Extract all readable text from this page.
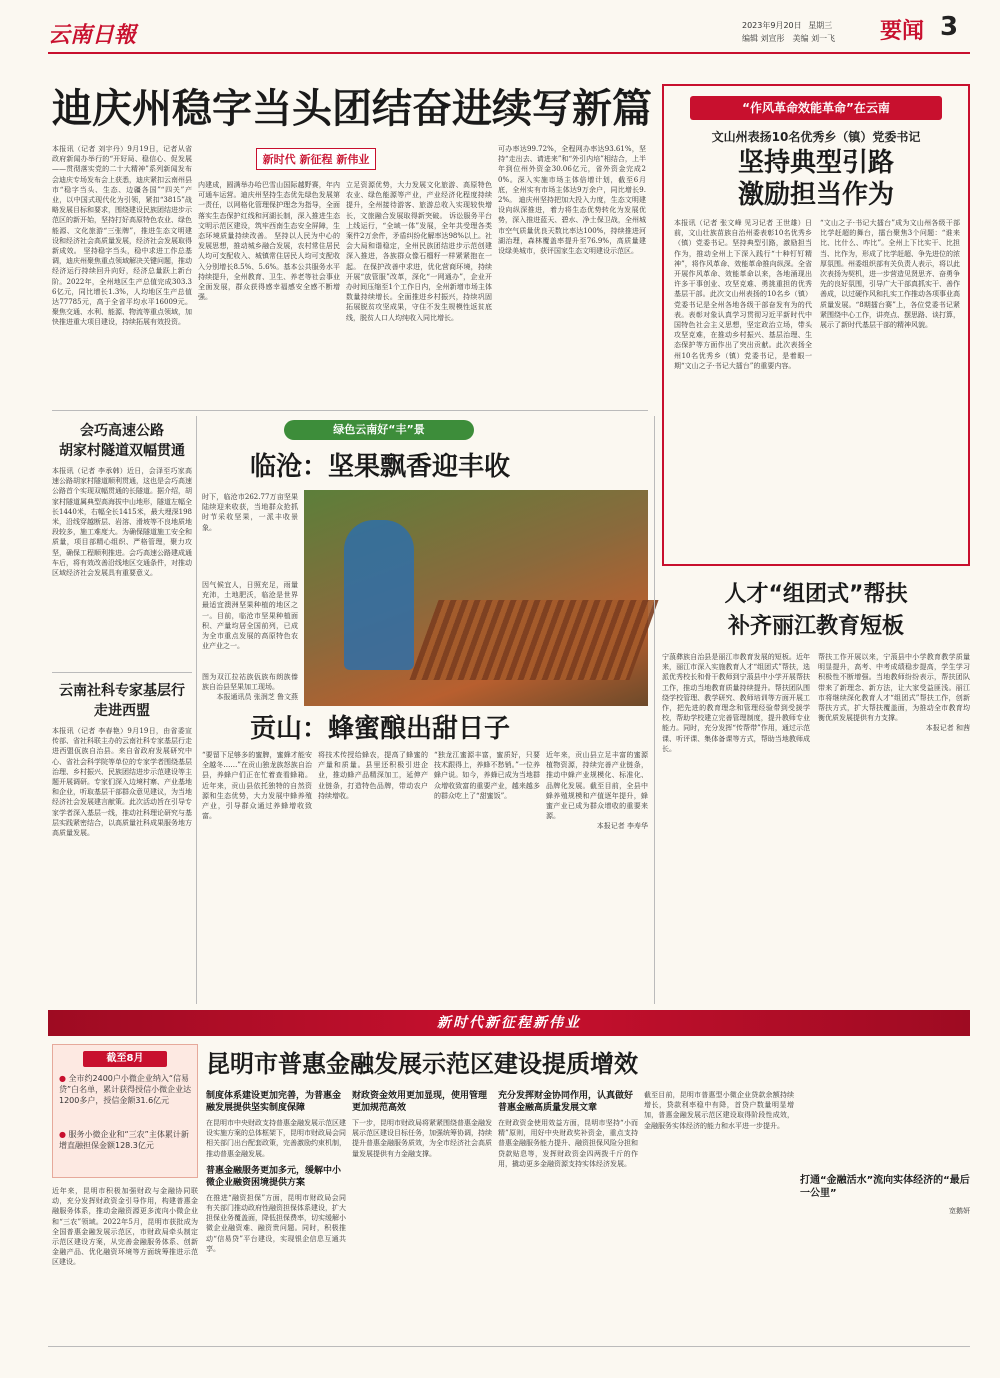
云南日報	2023年9月20日 星期三
编辑 刘宣彤　美编 刘一飞	要闻 3
迪庆州稳字当头团结奋进续写新篇
新时代 新征程 新伟业
本报讯（记者 刘宇丹）9月19日，记者从省政府新闻办举行的“开好局、稳信心、促发展——贯彻落实党的二十大精神”系列新闻发布会迪庆专场发布会上获悉，迪庆紧扣云南州县市“稳字当头、生态、边疆各国”“四关”产业，以中国式现代化为引领，紧扣“3815”战略发展目标和要求，围绕建设民族团结进步示范区的新开始，坚持打好高原特色农业、绿色能源、文化旅游“三张牌”，推进生态文明建设和经济社会高质量发展，经济社会发展取得新成效。 坚持稳字当头，稳中求进工作总基调，迪庆州聚焦重点领域解决关键问题，推动经济运行持续回升向好，经济总量跃上新台阶。2022年，全州地区生产总值完成303.36亿元，同比增长1.3%，人均地区生产总值达77785元，高于全省平均水平16009元。聚焦交通、水利、能源、物流等重点领域，加快推进重大项目建设，持续拓展有效投资。
内建成，圆满举办哈巴雪山国际越野赛，年内可通车运营。迪庆州坚持生态优先绿色发展第一责任，以网格化管理保护理念为指导，全面落实生态保护红线和河湖长制，深入推进生态文明示范区建设，筑牢西南生态安全屏障，生态环境质量持续改善。 坚持以人民为中心的发展思想，推动城乡融合发展，农村常住居民人均可支配收入、城镇常住居民人均可支配收入分别增长8.5%、5.6%。基本公共服务水平持续提升，全州教育、卫生、养老等社会事业全面发展，群众获得感幸福感安全感不断增强。
立足资源优势，大力发展文化旅游、高原特色农业、绿色能源等产业，产业经济化程度持续提升，全州接待游客、旅游总收入实现较快增长，文旅融合发展取得新突破。 诉讼服务平台上线运行，“全域一体”发展，全年共受理各类案件2万余件，矛盾纠纷化解率达98%以上。社会大局和谐稳定，全州民族团结进步示范创建深入推进，各族群众像石榴籽一样紧紧抱在一起。 在保护改善中求进，优化营商环境，持续开展“放管服”改革，深化“一网通办”，企业开办时间压缩至1个工作日内，全州新增市场主体数量持续增长。全面推进乡村振兴，持续巩固拓展脱贫攻坚成果，守住不发生规模性返贫底线，脱贫人口人均纯收入同比增长。
可办率达99.72%，全程网办率达93.61%，坚持“走出去、请进来”和“外引内培”相结合，上半年到位州外资金30.06亿元，省外资金完成20%。深入实施市场主体倍增计划，截至6月底，全州实有市场主体达9万余户，同比增长9.2%。 迪庆州坚持把加大投入力度，生态文明建设向纵深推进，着力将生态优势转化为发展优势，深入推进蓝天、碧水、净土保卫战，全州城市空气质量优良天数比率达100%，持续推进河湖治理，森林覆盖率提升至76.9%，高质量建设绿美城市，获评国家生态文明建设示范区。
“作风革命效能革命”在云南
文山州表扬10名优秀乡（镇）党委书记
坚持典型引路
激励担当作为
本报讯（记者 张文峰 见习记者 王世雄）日前，文山壮族苗族自治州委表彰10名优秀乡（镇）党委书记。坚持典型引路，激励担当作为，推动全州上下深入践行“十种钉钉精神”，将作风革命、效能革命推向纵深。全省开展作风革命、效能革命以来，各地涌现出许多干事创业、攻坚克难、勇挑重担的优秀基层干部。此次文山州表扬的10名乡（镇）党委书记是全州各地各级干部奋发有为的代表。表彰对象认真学习贯彻习近平新时代中国特色社会主义思想，坚定政治立场，带头攻坚克难，在推动乡村振兴、基层治理、生态保护等方面作出了突出贡献。此次表扬全州10名优秀乡（镇）党委书记，是着眼一期“文山之子·书记大擂台”的重要内容。
“文山之子·书记大擂台”成为文山州各级干部比学赶超的舞台，擂台聚焦3个问题：“谁来比、比什么、咋比”。全州上下比实干、比担当、比作为，形成了比学赶超、争先进位的浓厚氛围。州委组织部有关负责人表示，将以此次表扬为契机，进一步营造见贤思齐、奋勇争先的良好氛围，引导广大干部真抓实干、善作善成，以过硬作风和扎实工作推动各项事业高质量发展。“8期擂台赛”上，各位党委书记紧紧围绕中心工作，讲亮点、摆思路、谈打算，展示了新时代基层干部的精神风貌。
会巧高速公路
胡家村隧道双幅贯通
本报讯（记者 李承韩）近日，会泽至巧家高速公路胡家村隧道顺利贯通，这也是会巧高速公路首个实现双幅贯通的长隧道。据介绍，胡家村隧道属典型高海拔中山地形，隧道左幅全长1440米，右幅全长1415米，最大埋深198米，沿线穿越断层、岩溶、滑坡等不良地质地段较多，施工难度大。为确保隧道施工安全和质量，项目部精心组织、严格管理，聚力攻坚，确保工程顺利推进。会巧高速公路建成通车后，将有效改善沿线地区交通条件，对推动区域经济社会发展具有重要意义。
云南社科专家基层行
走进西盟
本报讯（记者 李春艳）9月19日，由省委宣传部、省社科联主办的云南社科专家基层行走进西盟佤族自治县。来自省政府发展研究中心、省社会科学院等单位的专家学者围绕基层治理、乡村振兴、民族团结进步示范建设等主题开展调研。专家们深入边境村寨、产业基地和企业，听取基层干部群众意见建议，为当地经济社会发展建言献策。此次活动旨在引导专家学者深入基层一线，推动社科理论研究与基层实践紧密结合，以高质量社科成果服务地方高质量发展。
绿色云南好“丰”景
临沧：坚果飘香迎丰收
时下，临沧市262.77万亩坚果陆续迎来收获，当地群众抢抓时节采收坚果，一派丰收景象。
因气候宜人，日照充足，雨量充沛，土地肥沃，临沧是世界最适宜澳洲坚果种植的地区之一。目前，临沧市坚果种植面积、产量均居全国前列，已成为全市重点发展的高原特色农业产业之一。
图为双江拉祜族佤族布朗族傣族自治县坚果加工现场。
本报通讯员 张润芝 鲁文燕
贡山：蜂蜜酿出甜日子
“要留下足够多的蜜脾，蜜蜂才能安全越冬……”在贡山独龙族怒族自治县，养蜂户们正在忙着查看蜂箱。近年来，贡山县依托独特的自然资源和生态优势，大力发展中蜂养殖产业，引导群众通过养蜂增收致富。
将技术传授给蜂农，提高了蜂蜜的产量和质量。县里还积极引进企业，推动蜂产品精深加工，延伸产业链条，打造特色品牌，带动农户持续增收。
“独龙江蜜源丰富，蜜质好，只要技术跟得上，养蜂不愁销。”一位养蜂户说。如今，养蜂已成为当地群众增收致富的重要产业，越来越多的群众吃上了“甜蜜饭”。
近年来，贡山县立足丰富的蜜源植物资源，持续完善产业链条，推动中蜂产业规模化、标准化、品牌化发展。截至目前，全县中蜂养殖规模和产值逐年提升，蜂蜜产业已成为群众增收的重要来源。
本报记者 李寿华
人才“组团式”帮扶
补齐丽江教育短板
宁蒗彝族自治县是丽江市教育发展的短板。近年来，丽江市深入实施教育人才“组团式”帮扶，选派优秀校长和骨干教师到宁蒗县中小学开展帮扶工作，推动当地教育质量持续提升。帮扶团队围绕学校管理、教学研究、教师培训等方面开展工作，把先进的教育理念和管理经验带到受援学校，帮助学校建立完善管理制度，提升教师专业能力。同时，充分发挥“传帮带”作用，通过示范课、听评课、集体备课等方式，帮助当地教师成长。
帮扶工作开展以来，宁蒗县中小学教育教学质量明显提升，高考、中考成绩稳步提高，学生学习积极性不断增强。当地教师纷纷表示，帮扶团队带来了新理念、新方法，让大家受益匪浅。丽江市将继续深化教育人才“组团式”帮扶工作，创新帮扶方式，扩大帮扶覆盖面，为推动全市教育均衡优质发展提供有力支撑。
本报记者 和茜
新时代新征程新伟业
截至8月
● 全市约2400户小微企业纳入“信易贷”白名单，累计获得授信小微企业达1200多户，授信金额31.6亿元
● 服务小微企业和“三农”主体累计新增直融担保金额128.3亿元
近年来，昆明市积极加强财政与金融协同联动，充分发挥财政资金引导作用，构建普惠金融服务体系，推动金融资源更多流向小微企业和“三农”领域。2022年5月，昆明市获批成为全国普惠金融发展示范区，市财政局牵头制定示范区建设方案，从完善金融服务体系、创新金融产品、优化融资环境等方面统筹推进示范区建设。
昆明市普惠金融发展示范区建设提质增效
制度体系建设更加完善，为普惠金融发展提供坚实制度保障
在昆明市中央财政支持普惠金融发展示范区建设实施方案的总体框架下，昆明市财政局会同相关部门出台配套政策，完善激励约束机制，推动普惠金融发展。
普惠金融服务更加多元，缓解中小微企业融资困境提供方案
在推进“融资担保”方面，昆明市财政局会同有关部门推动政府性融资担保体系建设，扩大担保业务覆盖面，降低担保费率，切实缓解小微企业融资难、融资贵问题。同时，积极推动“信易贷”平台建设，实现银企信息互通共享。
财政资金效用更加显现，使用管理更加规范高效
下一步，昆明市财政局将紧紧围绕普惠金融发展示范区建设目标任务，加强统筹协调，持续提升普惠金融服务质效，为全市经济社会高质量发展提供有力金融支撑。
充分发挥财金协同作用，认真做好普惠金融高质量发展文章
在财政资金使用效益方面，昆明市坚持“小而精”原则，用好中央财政奖补资金，重点支持普惠金融服务能力提升、融资担保风险分担和贷款贴息等，发挥财政资金四两拨千斤的作用，撬动更多金融资源支持实体经济发展。
截至目前，昆明市普惠型小微企业贷款余额持续增长，贷款利率稳中有降，首贷户数量明显增加，普惠金融发展示范区建设取得阶段性成效，金融服务实体经济的能力和水平进一步提升。
打通“金融活水”流向实体经济的“最后一公里”
宽鹅妍
